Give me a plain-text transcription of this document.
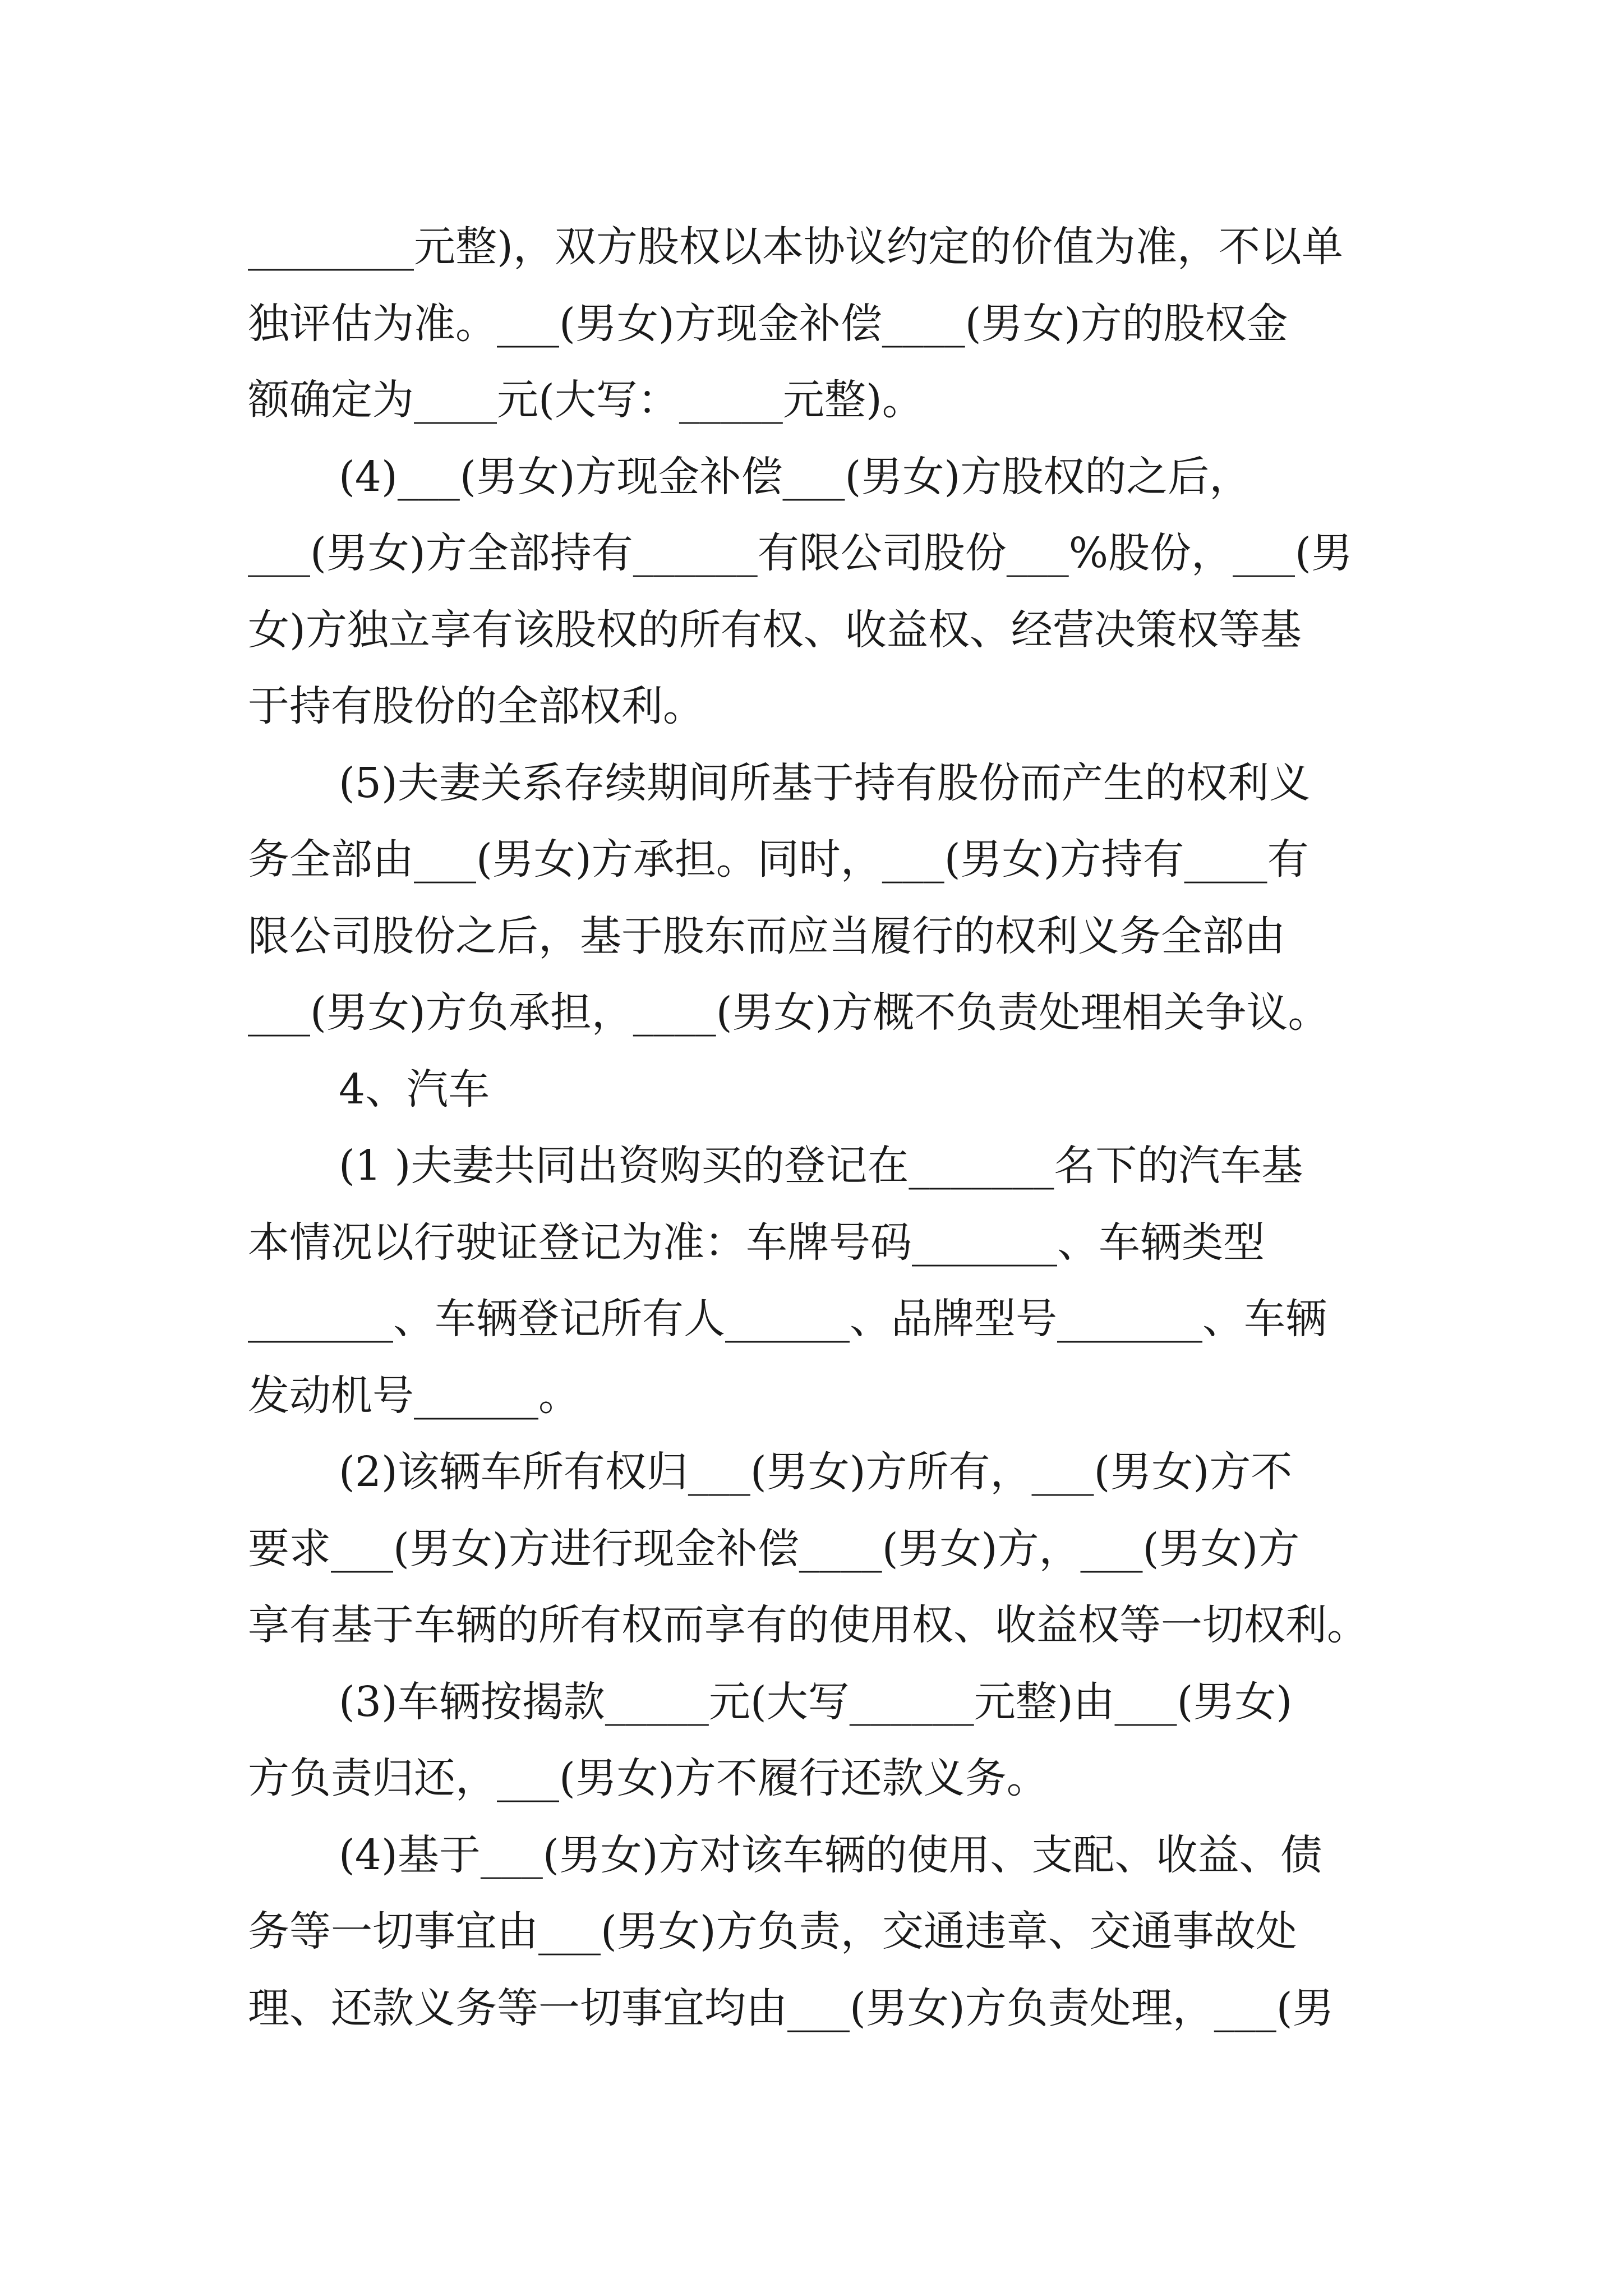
________元整)，双方股权以本协议约定的价值为准，不以单
独评估为准。___(男女)方现金补偿____(男女)方的股权金
额确定为____元(大写：_____元整)。
(4)___(男女)方现金补偿___(男女)方股权的之后，
___(男女)方全部持有______有限公司股份___%股份，___(男
女)方独立享有该股权的所有权、收益权、经营决策权等基
于持有股份的全部权利。
(5)夫妻关系存续期间所基于持有股份而产生的权利义
务全部由___(男女)方承担。同时，___(男女)方持有____有
限公司股份之后，基于股东而应当履行的权利义务全部由
___(男女)方负承担，____(男女)方概不负责处理相关争议。
4、汽车
(1 )夫妻共同出资购买的登记在_______名下的汽车基
本情况以行驶证登记为准：车牌号码_______、车辆类型
_______、车辆登记所有人______、品牌型号_______、车辆
发动机号______。
(2)该辆车所有权归___(男女)方所有，___(男女)方不
要求___(男女)方进行现金补偿____(男女)方，___(男女)方
享有基于车辆的所有权而享有的使用权、收益权等一切权利。
(3)车辆按揭款_____元(大写______元整)由___(男女)
方负责归还，___(男女)方不履行还款义务。
(4)基于___(男女)方对该车辆的使用、支配、收益、债
务等一切事宜由___(男女)方负责，交通违章、交通事故处
理、还款义务等一切事宜均由___(男女)方负责处理，___(男
